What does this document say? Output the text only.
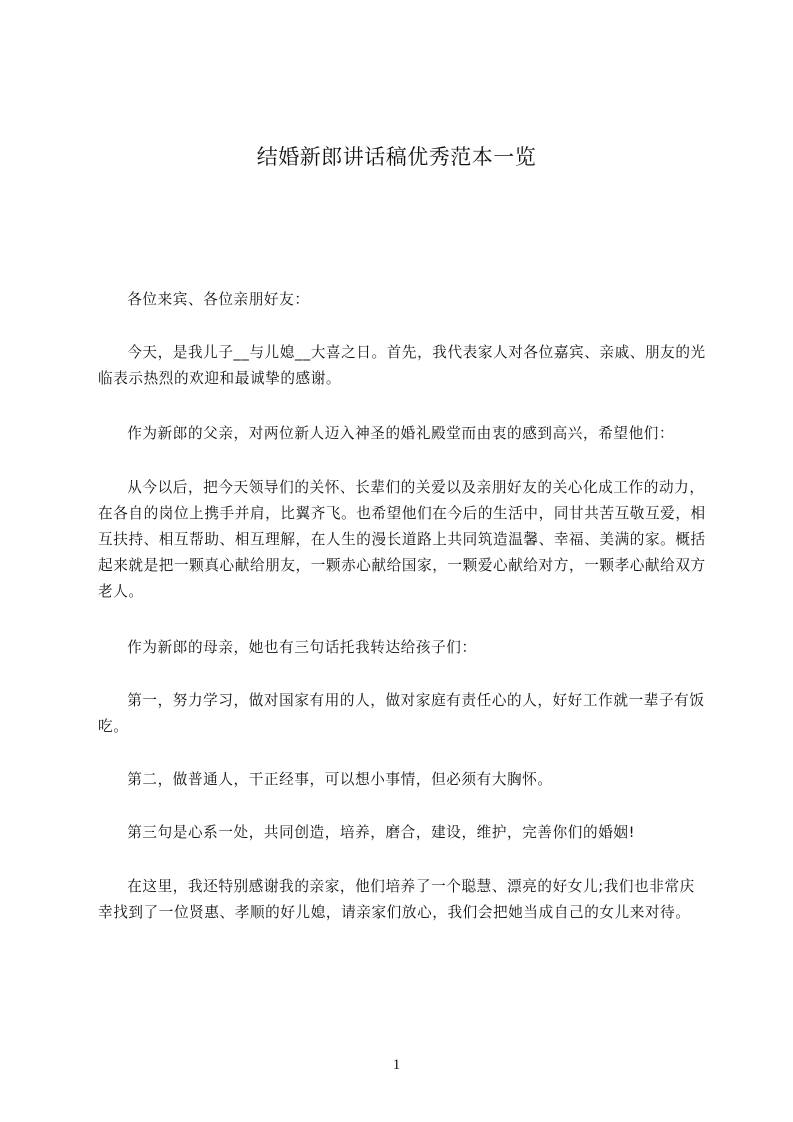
结婚新郎讲话稿优秀范本一览

各位来宾、各位亲朋好友：

今天，是我儿子__与儿媳__大喜之日。首先，我代表家人对各位嘉宾、亲戚、朋友的光临表示热烈的欢迎和最诚挚的感谢。

作为新郎的父亲，对两位新人迈入神圣的婚礼殿堂而由衷的感到高兴，希望他们：

从今以后，把今天领导们的关怀、长辈们的关爱以及亲朋好友的关心化成工作的动力，在各自的岗位上携手并肩，比翼齐飞。也希望他们在今后的生活中，同甘共苦互敬互爱，相互扶持、相互帮助、相互理解，在人生的漫长道路上共同筑造温馨、幸福、美满的家。概括起来就是把一颗真心献给朋友，一颗赤心献给国家，一颗爱心献给对方，一颗孝心献给双方老人。

作为新郎的母亲，她也有三句话托我转达给孩子们：

第一，努力学习，做对国家有用的人，做对家庭有责任心的人，好好工作就一辈子有饭吃。

第二，做普通人，干正经事，可以想小事情，但必须有大胸怀。

第三句是心系一处，共同创造，培养，磨合，建设，维护，完善你们的婚姻!

在这里，我还特别感谢我的亲家，他们培养了一个聪慧、漂亮的好女儿;我们也非常庆幸找到了一位贤惠、孝顺的好儿媳，请亲家们放心，我们会把她当成自己的女儿来对待。

1
